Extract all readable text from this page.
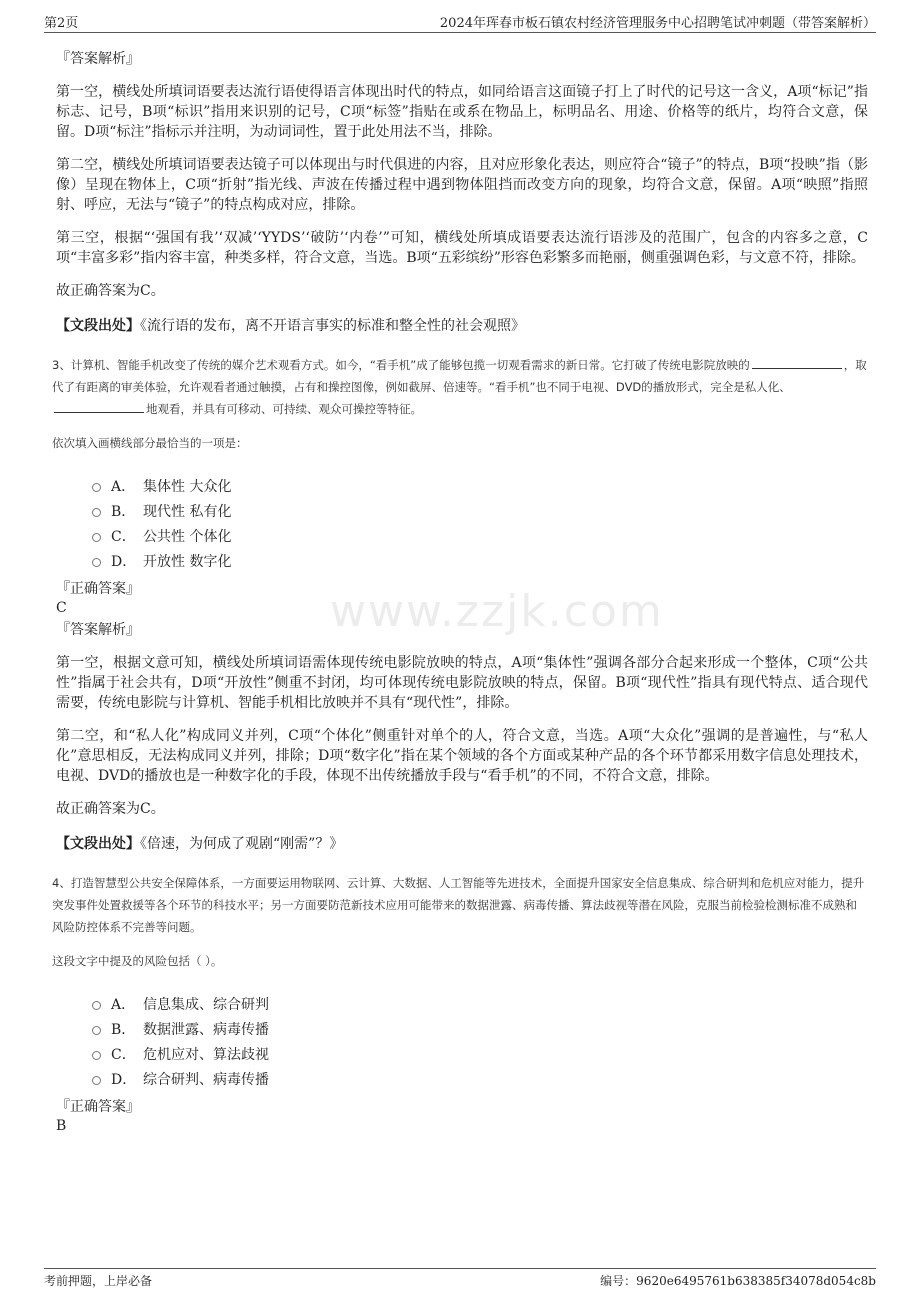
第2页	2024年珲春市板石镇农村经济管理服务中心招聘笔试冲刺题（带答案解析）
www.zzjk.com
『答案解析』

第一空，横线处所填词语要表达流行语使得语言体现出时代的特点，如同给语言这面镜子打上了时代的记号这一含义，A项“标记”指标志、记号，B项“标识”指用来识别的记号，C项“标签”指贴在或系在物品上，标明品名、用途、价格等的纸片，均符合文意，保留。D项“标注”指标示并注明，为动词词性，置于此处用法不当，排除。

第二空，横线处所填词语要表达镜子可以体现出与时代俱进的内容，且对应形象化表达，则应符合“镜子”的特点，B项“投映”指（影像）呈现在物体上，C项“折射”指光线、声波在传播过程中遇到物体阻挡而改变方向的现象，均符合文意，保留。A项“映照”指照射、呼应，无法与“镜子”的特点构成对应，排除。

第三空，根据“‘强国有我’‘双减’‘YYDS’‘破防’‘内卷’”可知，横线处所填成语要表达流行语涉及的范围广，包含的内容多之意，C项“丰富多彩”指内容丰富，种类多样，符合文意，当选。B项“五彩缤纷”形容色彩繁多而艳丽，侧重强调色彩，与文意不符，排除。

故正确答案为C。

【文段出处】《流行语的发布，离不开语言事实的标准和整全性的社会观照》
3、计算机、智能手机改变了传统的媒介艺术观看方式。如今，“看手机”成了能够包揽一切观看需求的新日常。它打破了传统电影院放映的	，取代了有距离的审美体验，允许观看者通过触摸，占有和操控图像，例如截屏、倍速等。“看手机”也不同于电视、DVD的播放形式，完全是私人化、地观看，并具有可移动、可持续、观众可操控等特征。
依次填入画横线部分最恰当的一项是：
A． 集体性 大众化
B． 现代性 私有化
C． 公共性 个体化
D． 开放性 数字化
『正确答案』
C
『答案解析』

第一空，根据文意可知，横线处所填词语需体现传统电影院放映的特点，A项“集体性”强调各部分合起来形成一个整体，C项“公共性”指属于社会共有，D项“开放性”侧重不封闭，均可体现传统电影院放映的特点，保留。B项“现代性”指具有现代特点、适合现代需要，传统电影院与计算机、智能手机相比放映并不具有“现代性”，排除。

第二空，和“私人化”构成同义并列，C项“个体化”侧重针对单个的人，符合文意，当选。A项“大众化”强调的是普遍性，与“私人化”意思相反，无法构成同义并列，排除；D项“数字化”指在某个领域的各个方面或某种产品的各个环节都采用数字信息处理技术，电视、DVD的播放也是一种数字化的手段，体现不出传统播放手段与“看手机”的不同，不符合文意，排除。

故正确答案为C。

【文段出处】《倍速，为何成了观剧“刚需”？》
4、打造智慧型公共安全保障体系，一方面要运用物联网、云计算、大数据、人工智能等先进技术，全面提升国家安全信息集成、综合研判和危机应对能力，提升突发事件处置救援等各个环节的科技水平；另一方面要防范新技术应用可能带来的数据泄露、病毒传播、算法歧视等潜在风险，克服当前检验检测标准不成熟和风险防控体系不完善等问题。
这段文字中提及的风险包括（ ）。
A． 信息集成、综合研判
B． 数据泄露、病毒传播
C． 危机应对、算法歧视
D． 综合研判、病毒传播
『正确答案』
B
考前押题，上岸必备	编号：9620e6495761b638385f34078d054c8b
